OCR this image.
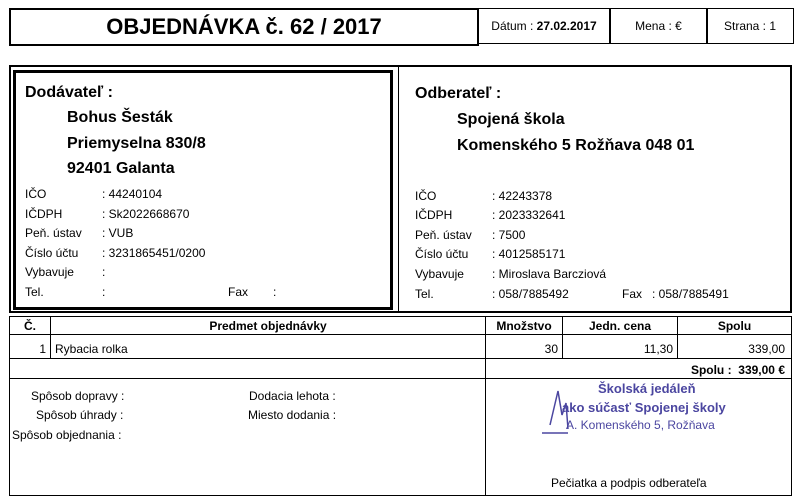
OBJEDNÁVKA č. 62 / 2017	Dátum :
27.02.2017	Mena : €	Strana : 1
Dodávateľ :
Bohus Šesták
Priemyselna 830/8
92401 Galanta
IČO	: 44240104
IČDPH	: Sk2022668670
Peň. ústav : VUB
Číslo účtu : 3231865451/0200
Vybavuje :
Tel.	:	Fax :
Odberateľ :
Spojená škola
Komenského 5 Rožňava 048 01
IČO	: 42243378
IČDPH	: 2023332641
Peň. ústav : 7500
Číslo účtu : 4012585171
Vybavuje : Miroslava Barcziová
Tel.	: 058/7885492	Fax : 058/7885491
Č.	Predmet objednávky	Množstvo	Jedn. cena	Spolu
1 Rybacia rolka	30	11,30	339,00
Spolu :
339,00 €
Spôsob dopravy :
Spôsob úhrady :
Spôsob objednania :
Dodacia lehota :
Miesto dodania :
Školská jedáleň
ako súčasť Spojenej školy
A. Komenského 5, Rožňava
Pečiatka a podpis odberateľa
